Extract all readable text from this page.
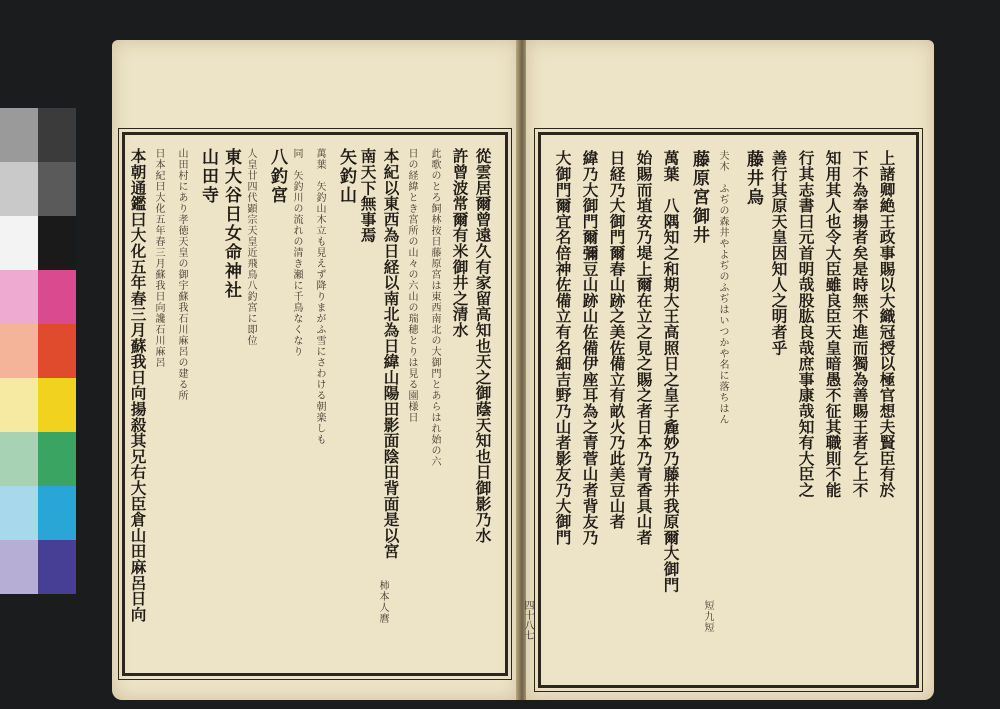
從雲居爾曾遠久有家留高知也天之御蔭天知也日御影乃水
許曾波常爾有米御井之清水
此歌のとろ飼林按日藤原宮は東西南北の大御門とあらはれ始の六
日の経緯とき宮所の山々の六山の瑞穂とりは見る園様日
本紀以東西為日経以南北為日緯山陽田影面陰田背面是以宮
南天下無事焉
矢釣山
萬葉　矢釣山木立も見えず降りまがふ雪にさわける朝楽しも
同　矢釣川の流れの清き瀬に千鳥なくなり
八釣宮
人皇廿四代顕宗天皇近飛鳥八釣宮に即位
東大谷日女命神社
山田寺
山田村にあり孝徳天皇の御宇蘇我石川麻呂の建る所
日本紀曰大化五年春三月蘇我日向讒石川麻呂
本朝通鑑曰大化五年春三月蘇我日向揚殺其兄右大臣倉山田麻呂日向	柿本人麿
上諸卿絶王政事賜以大織冠授以極官想夫賢臣有於
下不為奉揚者矣是時無不進而獨為善賜王者乞上不
知用其人也令大臣雖良臣天皇暗愚不征其職則不能
行其志書曰元首明哉股肱良哉庶事康哉知有大臣之
善行其原天皇因知人之明者乎
藤井烏
夫木　ふぢの森井やよぢのふぢはいつかや名に落ちはん
藤原宮御井
萬葉　八隅知之和期大王高照日之皇子麁妙乃藤井我原爾大御門
始賜而埴安乃堤上爾在立之見之賜之者日本乃青香具山者
日経乃大御門爾春山跡之美佐備立有畝火乃此美豆山者
緯乃大御門爾彌豆山跡山佐備伊座耳為之青菅山者背友乃
大御門爾宜名倍神佐備立有名細吉野乃山者影友乃大御門
短九短
四十八七
